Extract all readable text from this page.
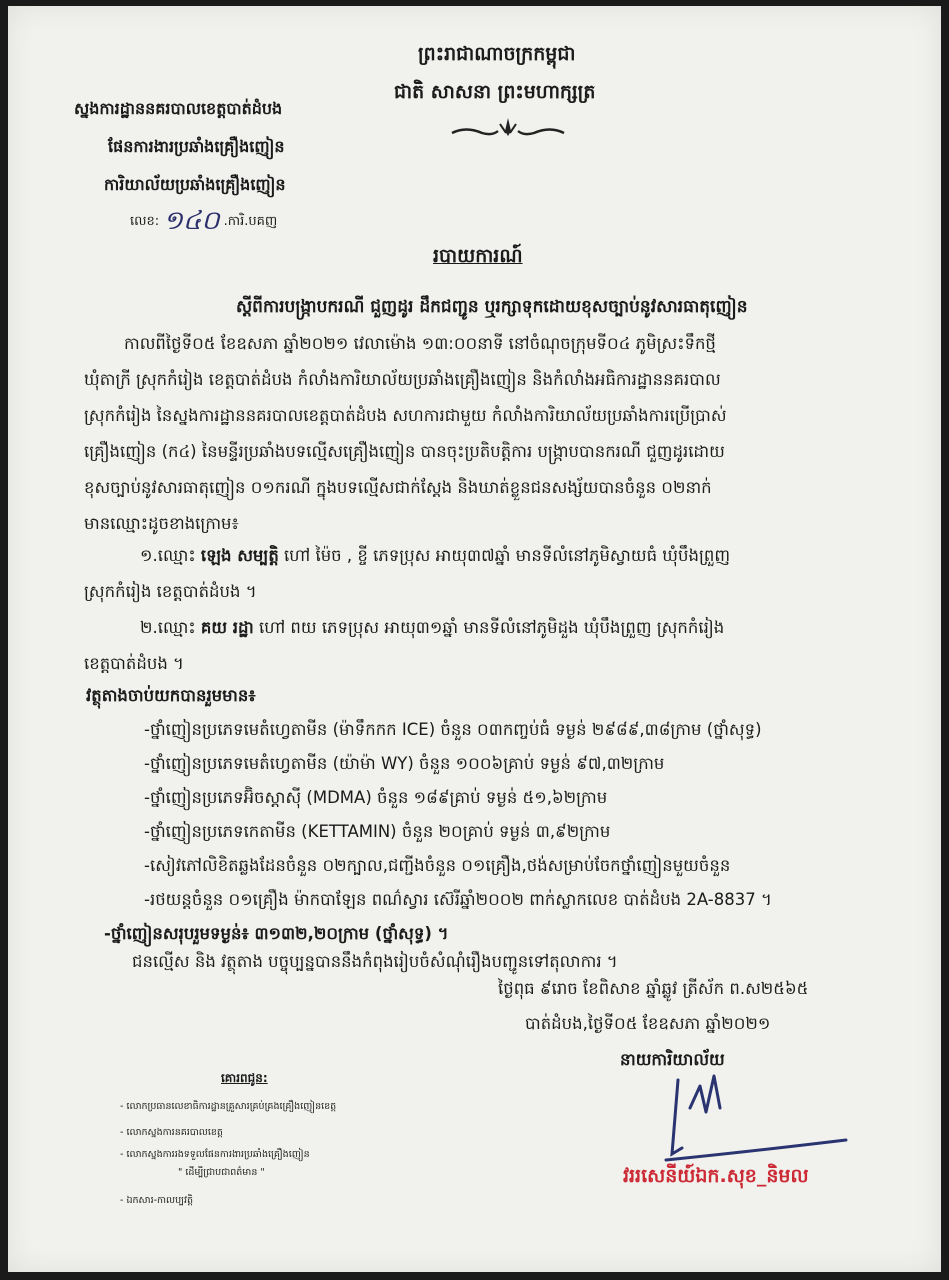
ព្រះរាជាណាចក្រកម្ពុជា
ជាតិ សាសនា ព្រះមហាក្សត្រ
ស្នងការដ្ឋាននគរបាលខេត្តបាត់ដំបង
ផែនការងារប្រឆាំងគ្រឿងញៀន
ការិយាល័យប្រឆាំងគ្រឿងញៀន
លេខ: ១៤០ .ការិ.បគញ
របាយការណ៍
ស្តីពីការបង្ក្រាបករណី ជួញដូរ ដឹកជញ្ជូន ឬរក្សាទុកដោយខុសច្បាប់នូវសារធាតុញៀន
កាលពីថ្ងៃទី០៥ ខែឧសភា ឆ្នាំ២០២១ វេលាម៉ោង ១៣:០០នាទី នៅចំណុចក្រុមទី០៤ ភូមិស្រះទឹកថ្មី
ឃុំតាក្រី ស្រុកកំរៀង ខេត្តបាត់ដំបង កំលាំងការិយាល័យប្រឆាំងគ្រឿងញៀន និងកំលាំងអធិការដ្ឋាននគរបាល
ស្រុកកំរៀង នៃស្នងការដ្ឋាននគរបាលខេត្តបាត់ដំបង សហការជាមួយ កំលាំងការិយាល័យប្រឆាំងការប្រើប្រាស់
គ្រឿងញៀន (ក៤) នៃមន្ទីរប្រឆាំងបទល្មើសគ្រឿងញៀន បានចុះប្រតិបត្តិការ បង្ក្រាបបានករណី ជួញដូរដោយ
ខុសច្បាប់នូវសារធាតុញៀន ០១ករណី ក្នុងបទល្មើសជាក់ស្តែង និងឃាត់ខ្លួនជនសង្ស័យបានចំនួន ០២នាក់
មានឈ្មោះដូចខាងក្រោម៖
១.ឈ្មោះ ឡេង សម្បត្តិ ហៅ ម៉ៃច , ខ្ចី ភេទប្រុស អាយុ៣៧ឆ្នាំ មានទីលំនៅភូមិស្វាយធំ ឃុំបឹងព្រួញ
ស្រុកកំរៀង ខេត្តបាត់ដំបង ។
២.ឈ្មោះ គយ រដ្ឋា ហៅ ពយ ភេទប្រុស អាយុ៣១ឆ្នាំ មានទីលំនៅភូមិដួង ឃុំបឹងព្រួញ ស្រុកកំរៀង
ខេត្តបាត់ដំបង ។
វត្ថុតាងចាប់យកបានរួមមាន៖
-ថ្នាំញៀនប្រភេទមេតំហ្វេតាមីន (ម៉ាទឹកកក ICE) ចំនួន ០៣កញ្ចប់ធំ ទម្ងន់ ២៩៨៩,៣៨ក្រាម (ថ្នាំសុទ្ធ)
-ថ្នាំញៀនប្រភេទមេតំហ្វេតាមីន (យ៉ាម៉ា WY) ចំនួន ១០០៦គ្រាប់ ទម្ងន់ ៩៧,៣២ក្រាម
-ថ្នាំញៀនប្រភេទអ៊ិចស្តាស៊ី (MDMA) ចំនួន ១៨៩គ្រាប់ ទម្ងន់ ៥១,៦២ក្រាម
-ថ្នាំញៀនប្រភេទកេតាមីន (KETTAMIN) ចំនួន ២០គ្រាប់ ទម្ងន់ ៣,៩២ក្រាម
-សៀវភៅលិខិតឆ្លងដែនចំនួន ០២ក្បាល,ជញ្ជីងចំនួន ០១គ្រឿង,ថង់សម្រាប់ចែកថ្នាំញៀនមួយចំនួន
-រថយន្តចំនួន ០១គ្រឿង ម៉ាកបាឡែន ពណ៌ស្វារ ស៊េរីឆ្នាំ២០០២ ពាក់ស្លាកលេខ បាត់ដំបង 2A-8837 ។
-ថ្នាំញៀនសរុបរួមទម្ងន់៖ ៣១៣២,២០ក្រាម (ថ្នាំសុទ្ធ) ។
ជនល្មើស និង វត្ថុតាង បច្ចុប្បន្នបាននឹងកំពុងរៀបចំសំណុំរឿងបញ្ជូនទៅតុលាការ ។
ថ្ងៃពុធ ៩រោច ខែពិសាខ ឆ្នាំឆ្លូវ ត្រីស័ក ព.ស២៥៦៥
បាត់ដំបង,ថ្ងៃទី០៥ ខែឧសភា ឆ្នាំ២០២១
នាយការិយាល័យ
គោរពជូន:
- លោកប្រធានលេខាធិការដ្ឋានគ្រួសារគ្រប់គ្រងគ្រឿងញៀនខេត្ត
- លោកស្នងការនគរបាលខេត្ត
- លោកស្នងការរងទទួលផែនការងារប្រឆាំងគ្រឿងញៀន
" ដើម្បីជ្រាបជាពត៌មាន "
- ឯកសារ-កាលប្បវត្តិ
វររសេនីយ៍ឯក.សុខ_និមល
